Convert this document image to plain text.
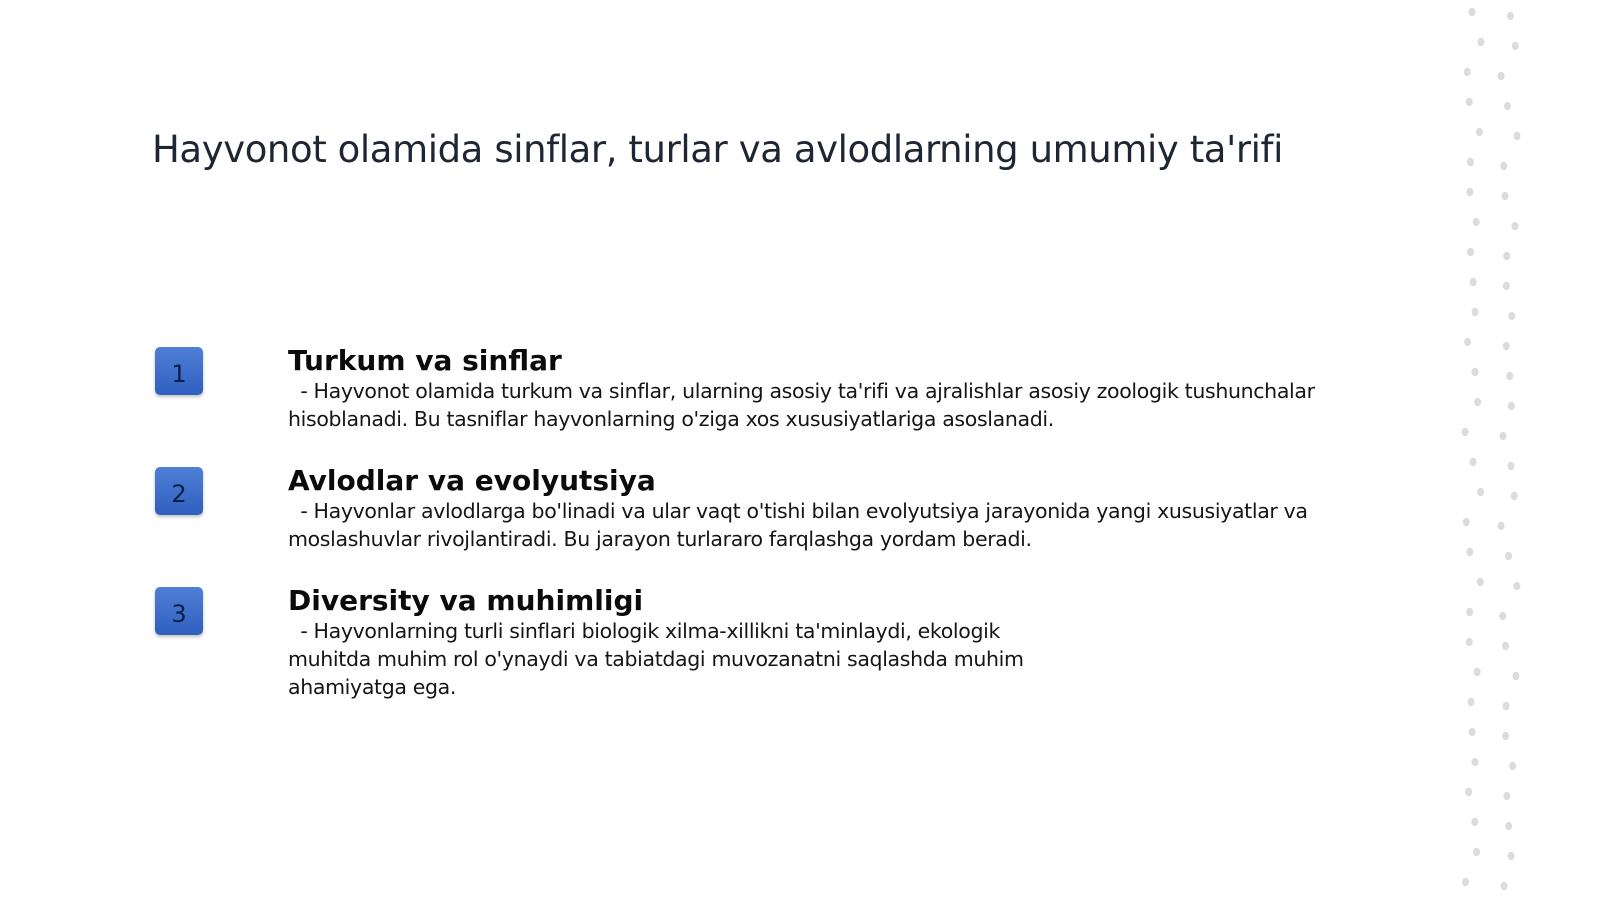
Hayvonot olamida sinflar, turlar va avlodlarning umumiy ta'rifi
1	Turkum va sinflar

- Hayvonot olamida turkum va sinflar, ularning asosiy ta'rifi va ajralishlar asosiy zoologik tushunchalar hisoblanadi. Bu tasniflar hayvonlarning o'ziga xos xususiyatlariga asoslanadi.

2	Avlodlar va evolyutsiya

- Hayvonlar avlodlarga bo'linadi va ular vaqt o'tishi bilan evolyutsiya jarayonida yangi xususiyatlar va moslashuvlar rivojlantiradi. Bu jarayon turlararo farqlashga yordam beradi.

3	Diversity va muhimligi

- Hayvonlarning turli sinflari biologik xilma-xillikni ta'minlaydi, ekologik muhitda muhim rol o'ynaydi va tabiatdagi muvozanatni saqlashda muhim ahamiyatga ega.
